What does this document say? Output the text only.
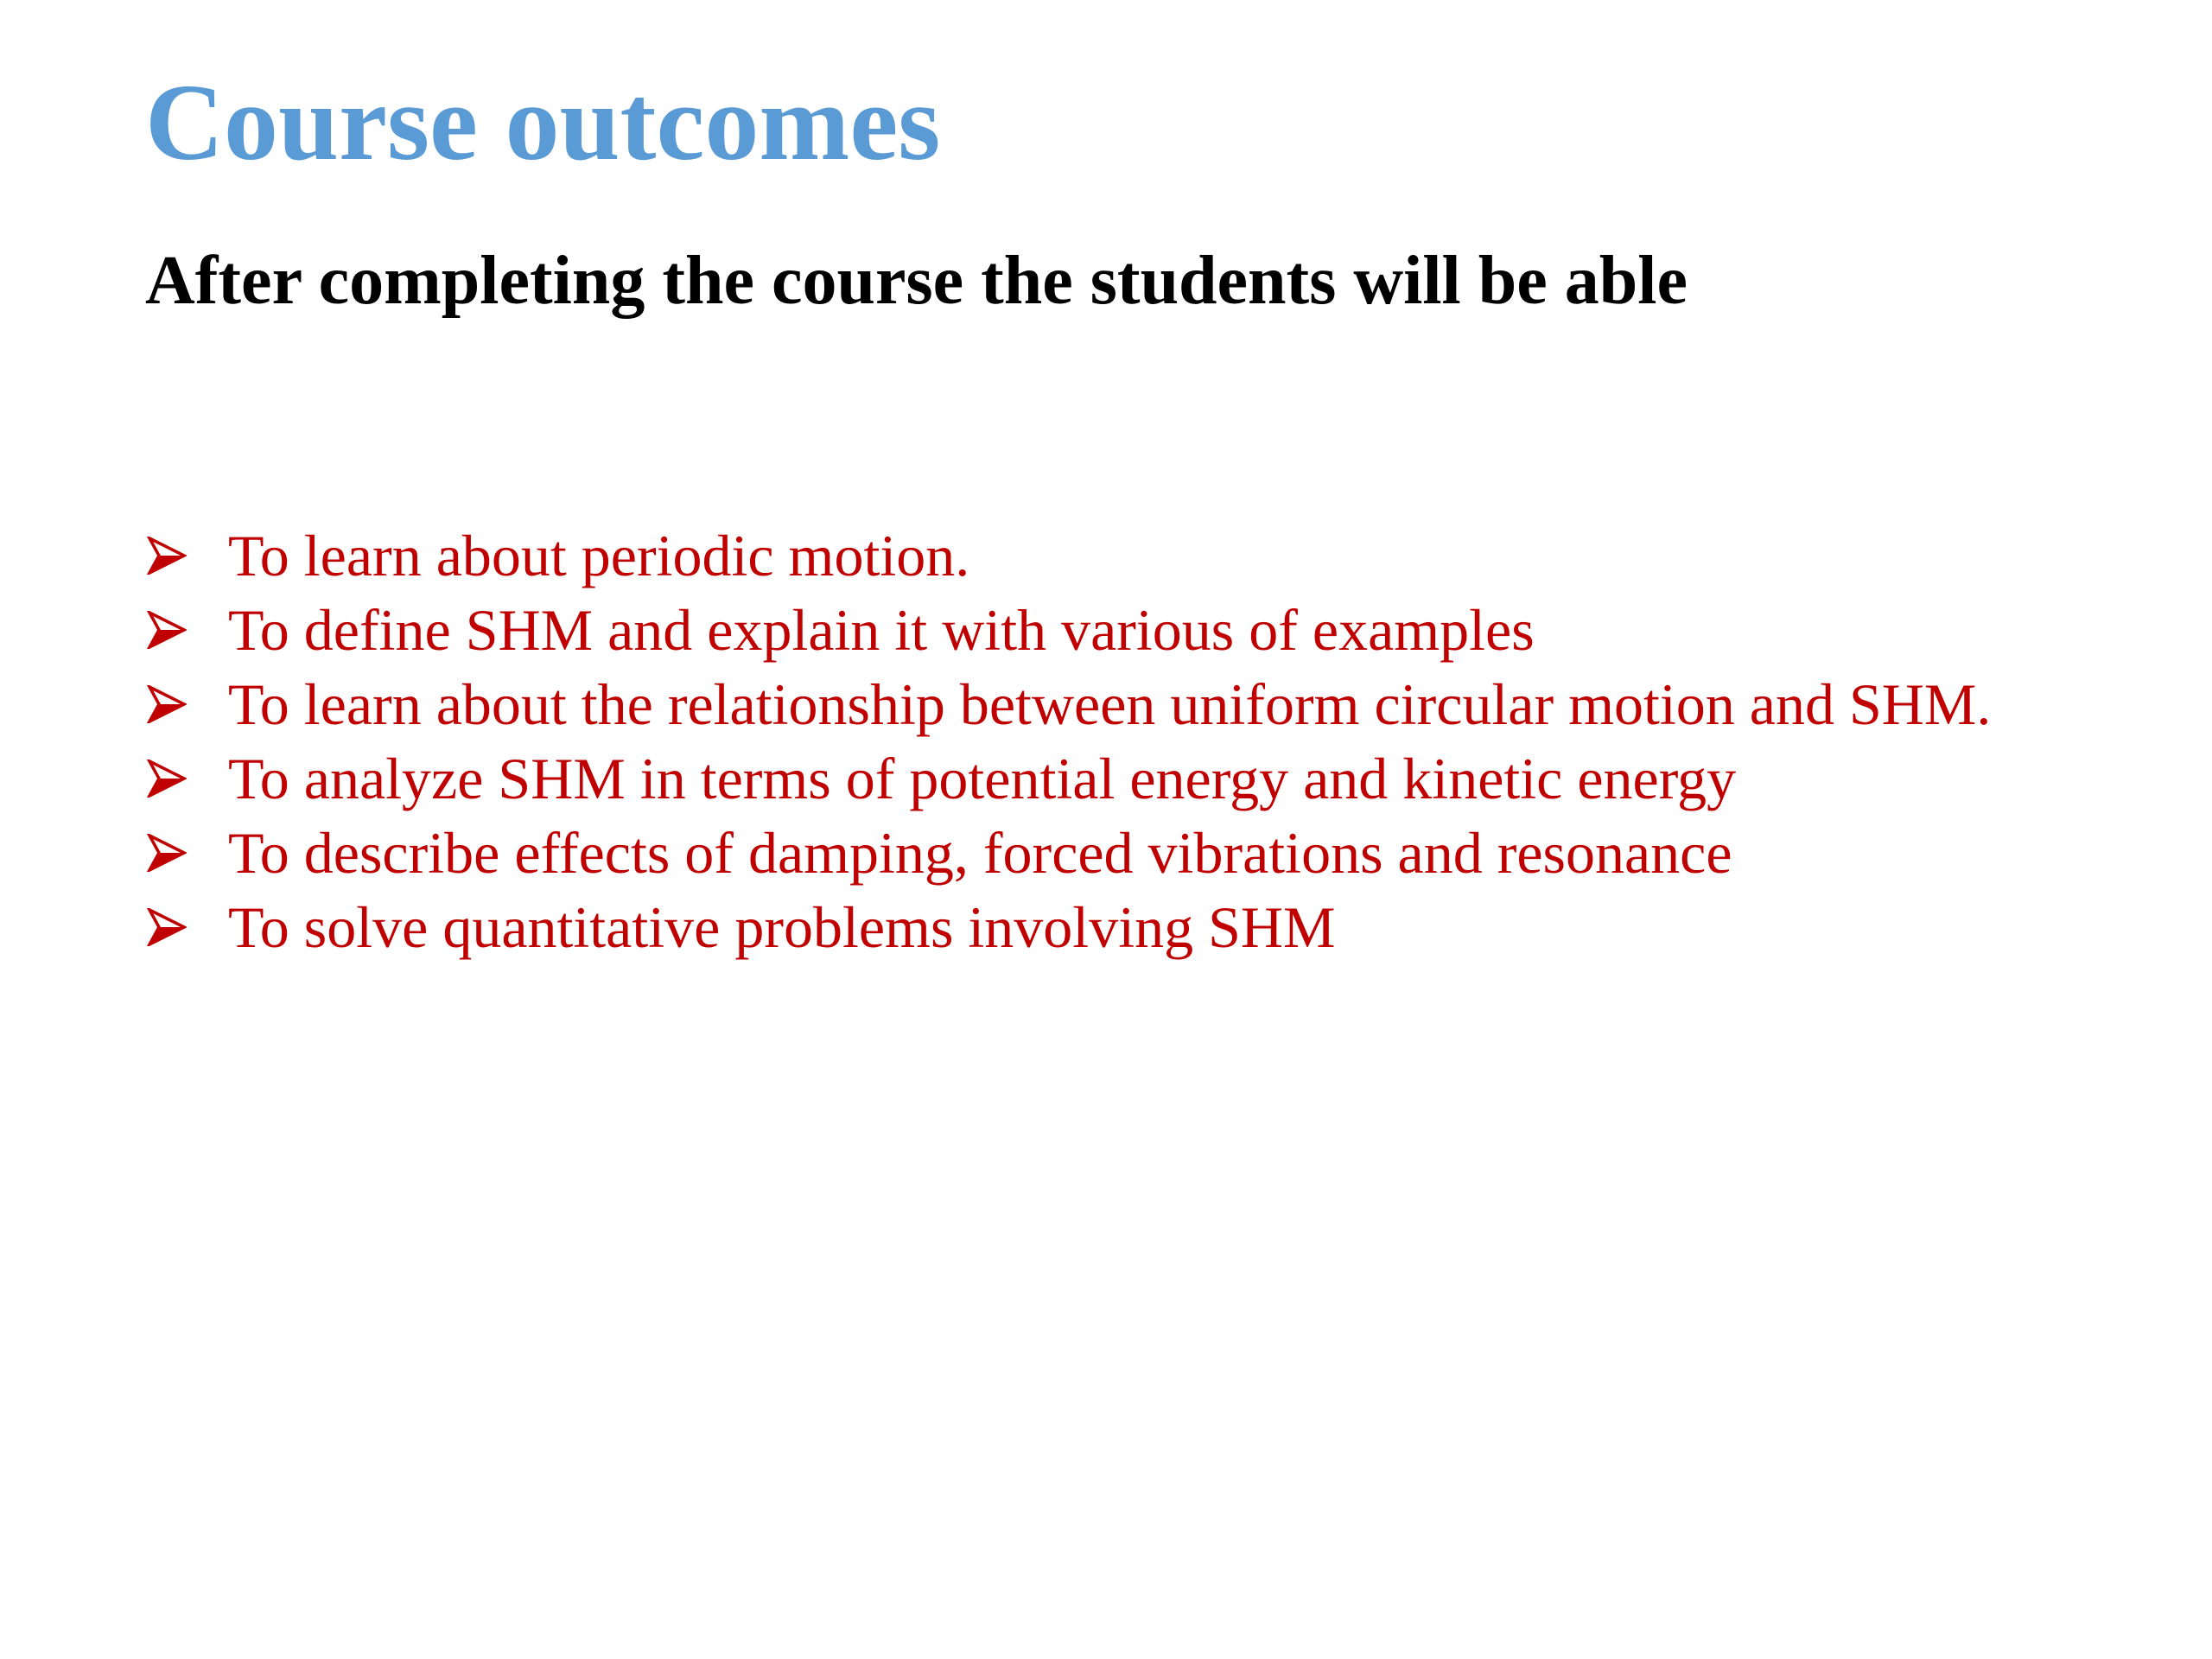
Course outcomes
After completing the course the students will be able
To learn about periodic motion.
To define SHM and explain it with various of examples
To learn about the relationship between uniform circular motion and SHM.
To analyze SHM in terms of potential energy and kinetic energy
To describe effects of damping, forced vibrations and resonance
To solve quantitative problems involving SHM
